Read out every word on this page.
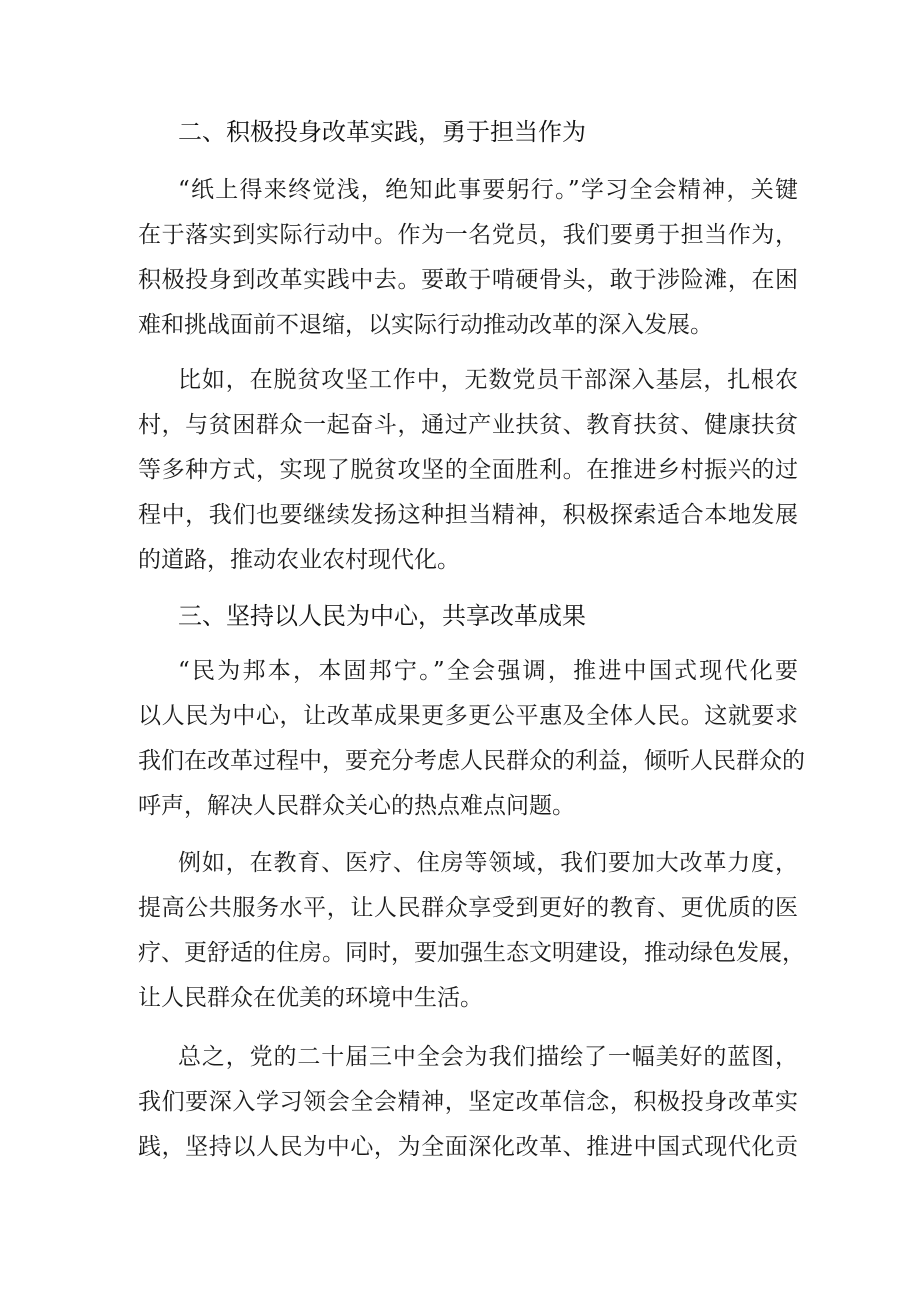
二、积极投身改革实践，勇于担当作为
“纸上得来终觉浅，绝知此事要躬行。”学习全会精神，关键
在于落实到实际行动中。作为一名党员，我们要勇于担当作为，
积极投身到改革实践中去。要敢于啃硬骨头，敢于涉险滩，在困
难和挑战面前不退缩，以实际行动推动改革的深入发展。
比如，在脱贫攻坚工作中，无数党员干部深入基层，扎根农
村，与贫困群众一起奋斗，通过产业扶贫、教育扶贫、健康扶贫
等多种方式，实现了脱贫攻坚的全面胜利。在推进乡村振兴的过
程中，我们也要继续发扬这种担当精神，积极探索适合本地发展
的道路，推动农业农村现代化。
三、坚持以人民为中心，共享改革成果
“民为邦本，本固邦宁。”全会强调，推进中国式现代化要
以人民为中心，让改革成果更多更公平惠及全体人民。这就要求
我们在改革过程中，要充分考虑人民群众的利益，倾听人民群众的
呼声，解决人民群众关心的热点难点问题。
例如，在教育、医疗、住房等领域，我们要加大改革力度，
提高公共服务水平，让人民群众享受到更好的教育、更优质的医
疗、更舒适的住房。同时，要加强生态文明建设，推动绿色发展，
让人民群众在优美的环境中生活。
总之，党的二十届三中全会为我们描绘了一幅美好的蓝图，
我们要深入学习领会全会精神，坚定改革信念，积极投身改革实
践，坚持以人民为中心，为全面深化改革、推进中国式现代化贡
